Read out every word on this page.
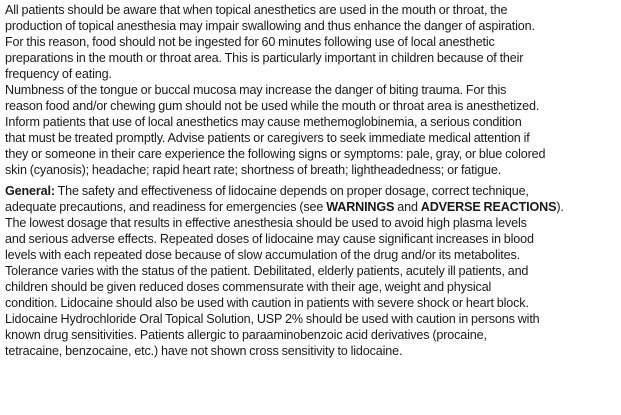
All patients should be aware that when topical anesthetics are used in the mouth or throat, the
production of topical anesthesia may impair swallowing and thus enhance the danger of aspiration.
For this reason, food should not be ingested for 60 minutes following use of local anesthetic
preparations in the mouth or throat area. This is particularly important in children because of their
frequency of eating.
Numbness of the tongue or buccal mucosa may increase the danger of biting trauma. For this
reason food and/or chewing gum should not be used while the mouth or throat area is anesthetized.
Inform patients that use of local anesthetics may cause methemoglobinemia, a serious condition
that must be treated promptly. Advise patients or caregivers to seek immediate medical attention if
they or someone in their care experience the following signs or symptoms: pale, gray, or blue colored
skin (cyanosis); headache; rapid heart rate; shortness of breath; lightheadedness; or fatigue.
General: The safety and effectiveness of lidocaine depends on proper dosage, correct technique,
adequate precautions, and readiness for emergencies (see WARNINGS and ADVERSE REACTIONS).
The lowest dosage that results in effective anesthesia should be used to avoid high plasma levels
and serious adverse effects. Repeated doses of lidocaine may cause significant increases in blood
levels with each repeated dose because of slow accumulation of the drug and/or its metabolites.
Tolerance varies with the status of the patient. Debilitated, elderly patients, acutely ill patients, and
children should be given reduced doses commensurate with their age, weight and physical
condition. Lidocaine should also be used with caution in patients with severe shock or heart block.
Lidocaine Hydrochloride Oral Topical Solution, USP 2% should be used with caution in persons with
known drug sensitivities. Patients allergic to paraaminobenzoic acid derivatives (procaine,
tetracaine, benzocaine, etc.) have not shown cross sensitivity to lidocaine.
